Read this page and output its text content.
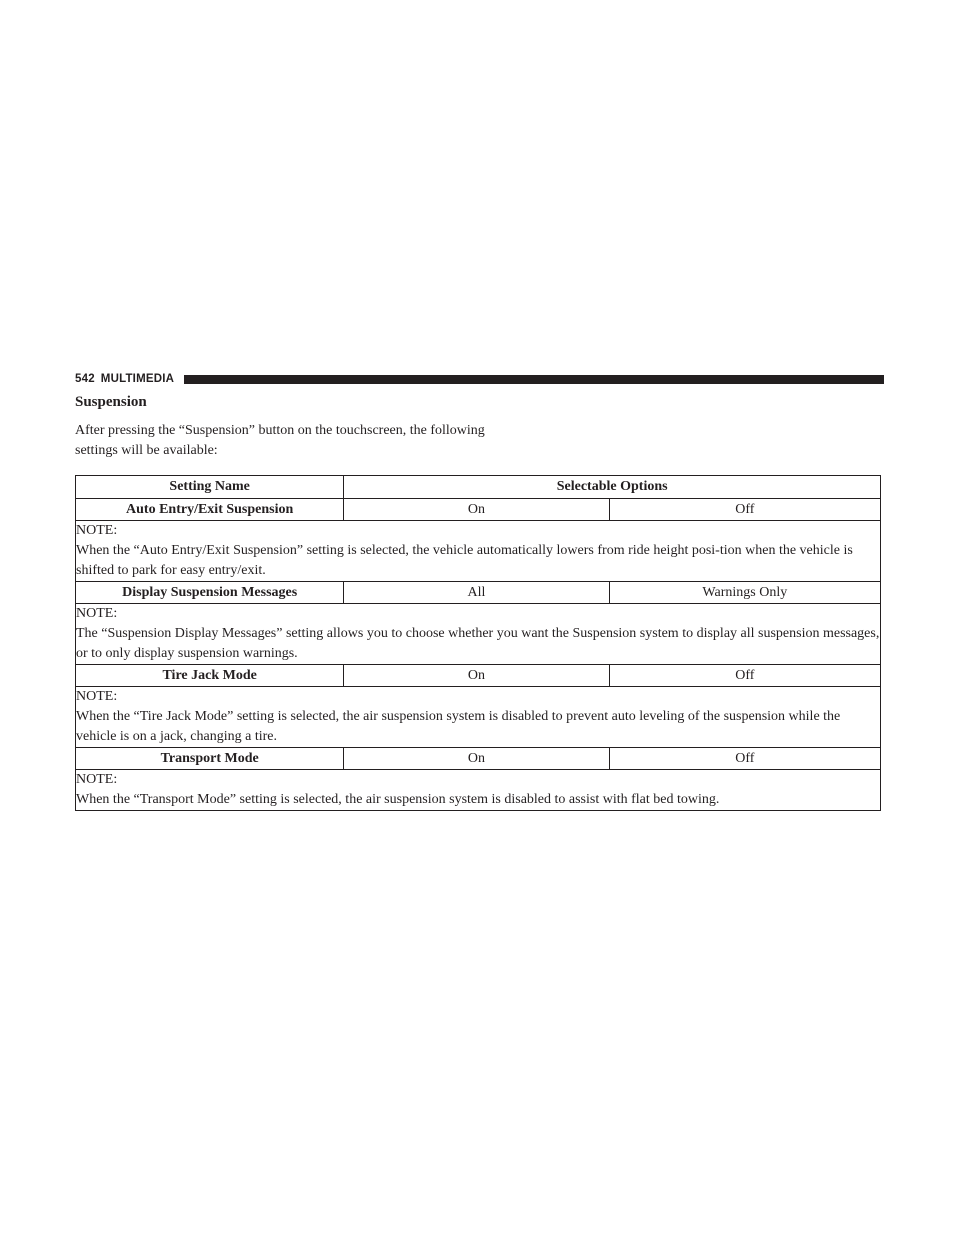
542 MULTIMEDIA
Suspension

After pressing the “Suspension” button on the touchscreen, the following settings will be available:

Setting Name	Selectable Options	
Auto Entry/Exit Suspension	On	Off

NOTE:
When the “Auto Entry/Exit Suspension” setting is selected, the vehicle automatically lowers from ride height posi-tion when the vehicle is shifted to park for easy entry/exit.		

Display Suspension Messages	All	Warnings Only

NOTE:
The “Suspension Display Messages” setting allows you to choose whether you want the Suspension system to display all suspension messages, or to only display suspension warnings.		

Tire Jack Mode	On	Off

NOTE:
When the “Tire Jack Mode” setting is selected, the air suspension system is disabled to prevent auto leveling of the suspension while the vehicle is on a jack, changing a tire.		

Transport Mode	On	Off

NOTE:
When the “Transport Mode” setting is selected, the air suspension system is disabled to assist with flat bed towing.		
